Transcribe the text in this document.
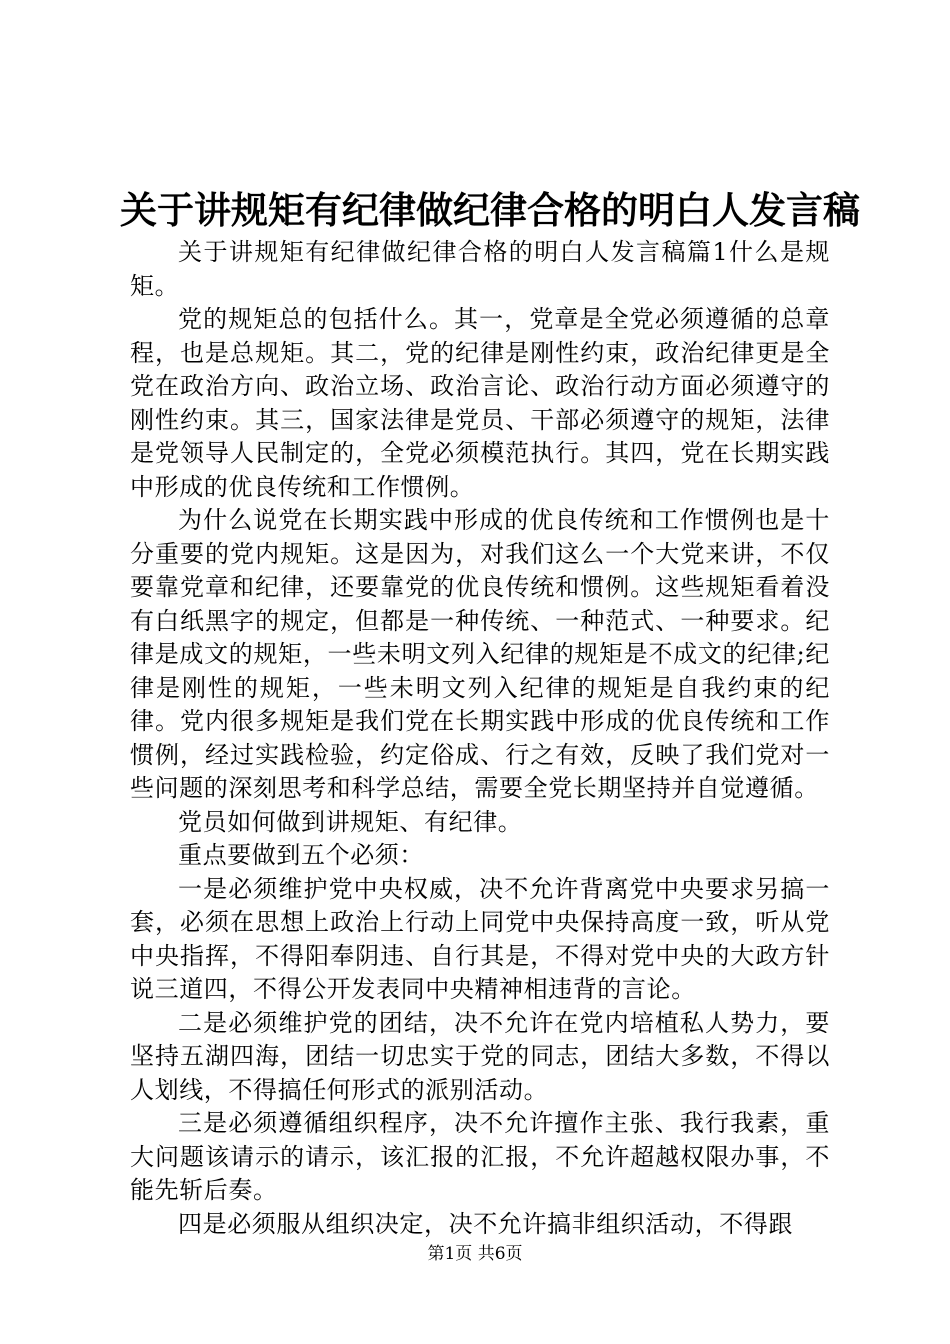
关于讲规矩有纪律做纪律合格的明白人发言稿

关于讲规矩有纪律做纪律合格的明白人发言稿篇1什么是规矩。

党的规矩总的包括什么。其一，党章是全党必须遵循的总章程，也是总规矩。其二，党的纪律是刚性约束，政治纪律更是全党在政治方向、政治立场、政治言论、政治行动方面必须遵守的刚性约束。其三，国家法律是党员、干部必须遵守的规矩，法律是党领导人民制定的，全党必须模范执行。其四，党在长期实践中形成的优良传统和工作惯例。

为什么说党在长期实践中形成的优良传统和工作惯例也是十分重要的党内规矩。这是因为，对我们这么一个大党来讲，不仅要靠党章和纪律，还要靠党的优良传统和惯例。这些规矩看着没有白纸黑字的规定，但都是一种传统、一种范式、一种要求。纪律是成文的规矩，一些未明文列入纪律的规矩是不成文的纪律;纪律是刚性的规矩，一些未明文列入纪律的规矩是自我约束的纪律。党内很多规矩是我们党在长期实践中形成的优良传统和工作惯例，经过实践检验，约定俗成、行之有效，反映了我们党对一些问题的深刻思考和科学总结，需要全党长期坚持并自觉遵循。

党员如何做到讲规矩、有纪律。

重点要做到五个必须：

一是必须维护党中央权威，决不允许背离党中央要求另搞一套，必须在思想上政治上行动上同党中央保持高度一致，听从党中央指挥，不得阳奉阴违、自行其是，不得对党中央的大政方针说三道四，不得公开发表同中央精神相违背的言论。

二是必须维护党的团结，决不允许在党内培植私人势力，要坚持五湖四海，团结一切忠实于党的同志，团结大多数，不得以人划线，不得搞任何形式的派别活动。

三是必须遵循组织程序，决不允许擅作主张、我行我素，重大问题该请示的请示，该汇报的汇报，不允许超越权限办事，不能先斩后奏。

四是必须服从组织决定，决不允许搞非组织活动，不得跟

第1页 共6页
